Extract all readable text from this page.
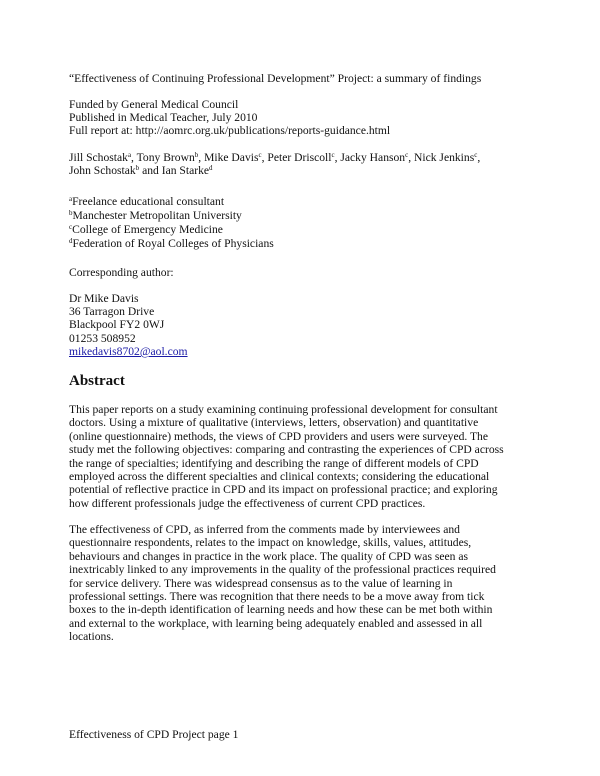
“Effectiveness of Continuing Professional Development” Project: a summary of findings
Funded by General Medical Council
Published in Medical Teacher, July 2010
Full report at: http://aomrc.org.uk/publications/reports-guidance.html
Jill Schostak$^a$, Tony Brown$^b$, Mike Davis$^c$, Peter Driscoll$^c$, Jacky Hanson$^c$, Nick Jenkins$^c$,
John Schostak$^b$ and Ian Starke$^d$
$^a$Freelance educational consultant
$^b$Manchester Metropolitan University
$^c$College of Emergency Medicine
$^d$Federation of Royal Colleges of Physicians
Corresponding author:
Dr Mike Davis
36 Tarragon Drive
Blackpool FY2 0WJ
01253 508952
mikedavis8702@aol.com
Abstract
This paper reports on a study examining continuing professional development for consultant
doctors. Using a mixture of qualitative (interviews, letters, observation) and quantitative
(online questionnaire) methods, the views of CPD providers and users were surveyed. The
study met the following objectives: comparing and contrasting the experiences of CPD across
the range of specialties; identifying and describing the range of different models of CPD
employed across the different specialties and clinical contexts; considering the educational
potential of reflective practice in CPD and its impact on professional practice; and exploring
how different professionals judge the effectiveness of current CPD practices.
The effectiveness of CPD, as inferred from the comments made by interviewees and
questionnaire respondents, relates to the impact on knowledge, skills, values, attitudes,
behaviours and changes in practice in the work place. The quality of CPD was seen as
inextricably linked to any improvements in the quality of the professional practices required
for service delivery. There was widespread consensus as to the value of learning in
professional settings. There was recognition that there needs to be a move away from tick
boxes to the in-depth identification of learning needs and how these can be met both within
and external to the workplace, with learning being adequately enabled and assessed in all
locations.
Effectiveness of CPD Project page 1
